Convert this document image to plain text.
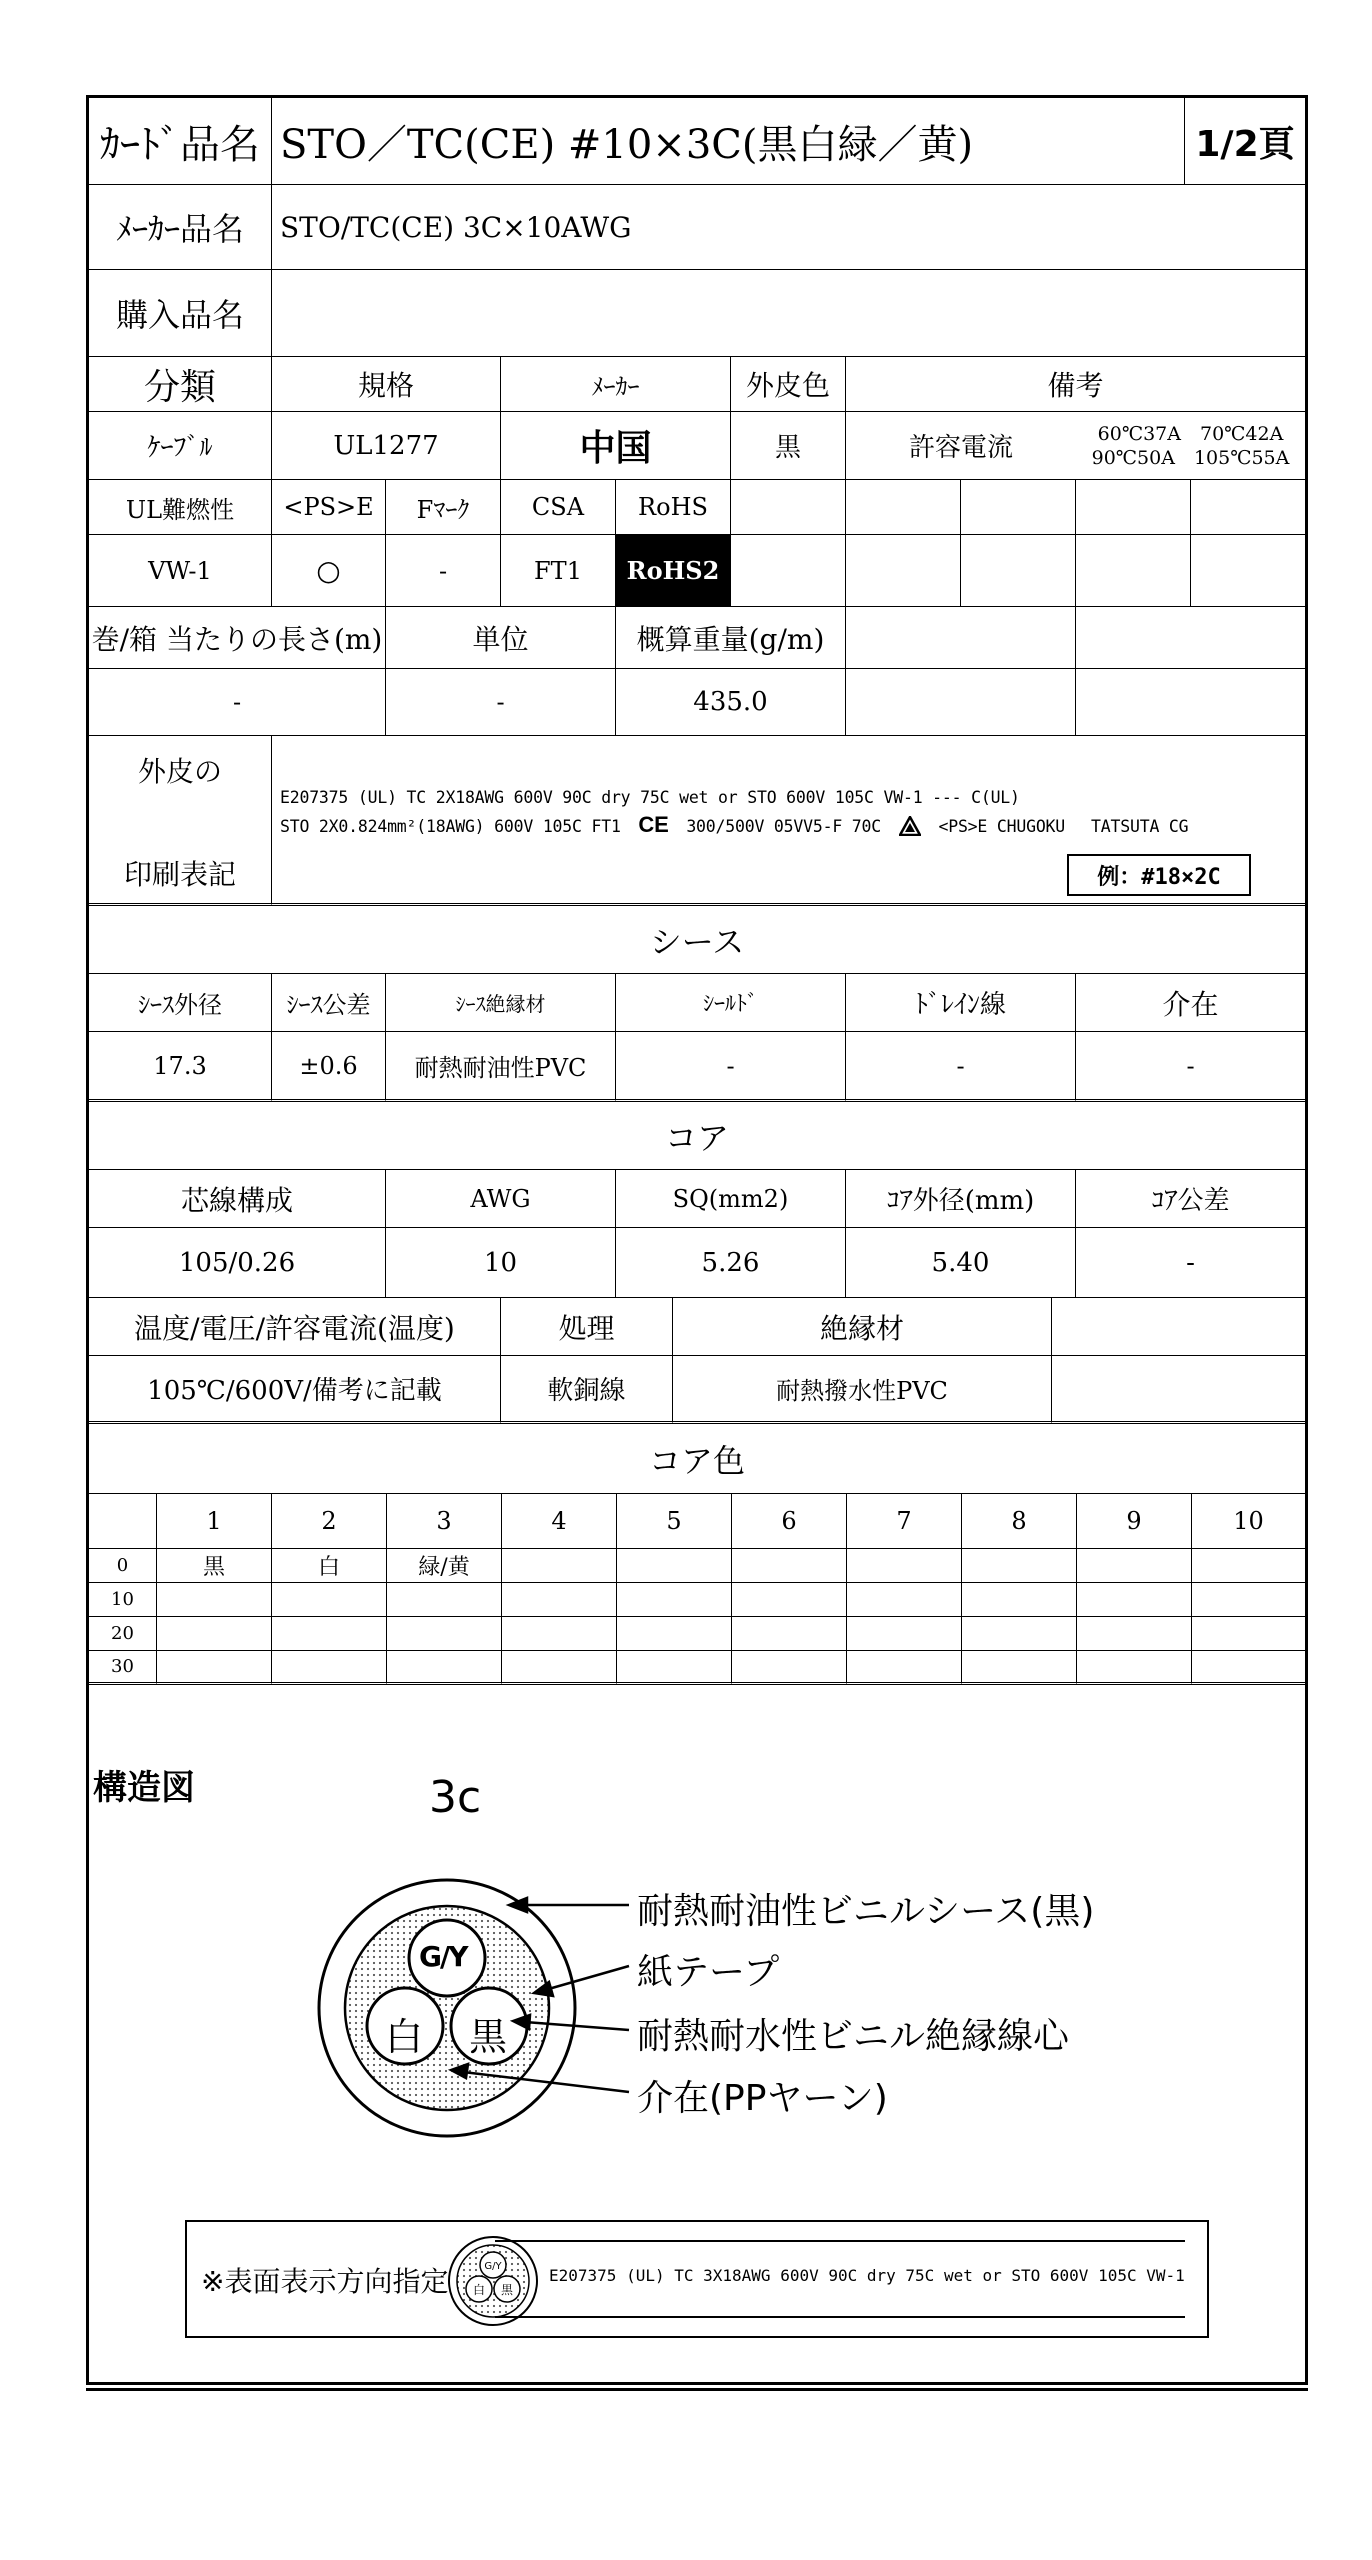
ｶｰﾄﾞ品名 STO／TC(CE) #10×3C(黒白緑／黄)	1/2頁
ﾒｰｶｰ品名	STO/TC(CE) 3C×10AWG
購入品名
分類	規格	ﾒｰｶｰ	外皮色	備考
ｹｰﾌﾞﾙ	UL1277	中国	黒	許容電流	60℃37A　70℃42A
90℃50A　105℃55A
UL難燃性	<PS>E	Fﾏｰｸ	CSA	RoHS
VW-1	○	-	FT1	RoHS2
巻/箱 当たりの長さ(m)	単位	概算重量(g/m)
-	-	435.0
外皮の
印刷表記
E207375 (UL) TC 2X18AWG 600V 90C dry 75C wet or STO 600V 105C VW-1 --- C(UL)
STO 2X0.824mm²(18AWG) 600V 105C FT1 CE 300/500V 05VV5-F 70C	<PS>E CHUGOKU　 TATSUTA CG
例：#18×2C
シース
ｼｰｽ外径	ｼｰｽ公差	ｼｰｽ絶縁材	ｼｰﾙﾄﾞ	ﾄﾞﾚｲﾝ線	介在
17.3	±0.6	耐熱耐油性PVC	-	-	-
コア
芯線構成	AWG	SQ(mm2)	ｺｱ外径(mm)	ｺｱ公差
105/0.26	10	5.26	5.40	-
温度/電圧/許容電流(温度)	処理	絶縁材
105℃/600V/備考に記載	軟銅線	耐熱撥水性PVC
コア色
1	2	3	4	5	6	7	8	9	10
0	黒	白	緑/黄
10
20
30
構造図	3c
G/Y
白 黒
耐熱耐油性ビニルシース(黒)
紙テープ
耐熱耐水性ビニル絶縁線心
介在(PPヤーン)
※表面表示方向指定	G/Y
白 黒
E207375 (UL) TC 3X18AWG 600V 90C dry 75C wet or STO 600V 105C VW-1
